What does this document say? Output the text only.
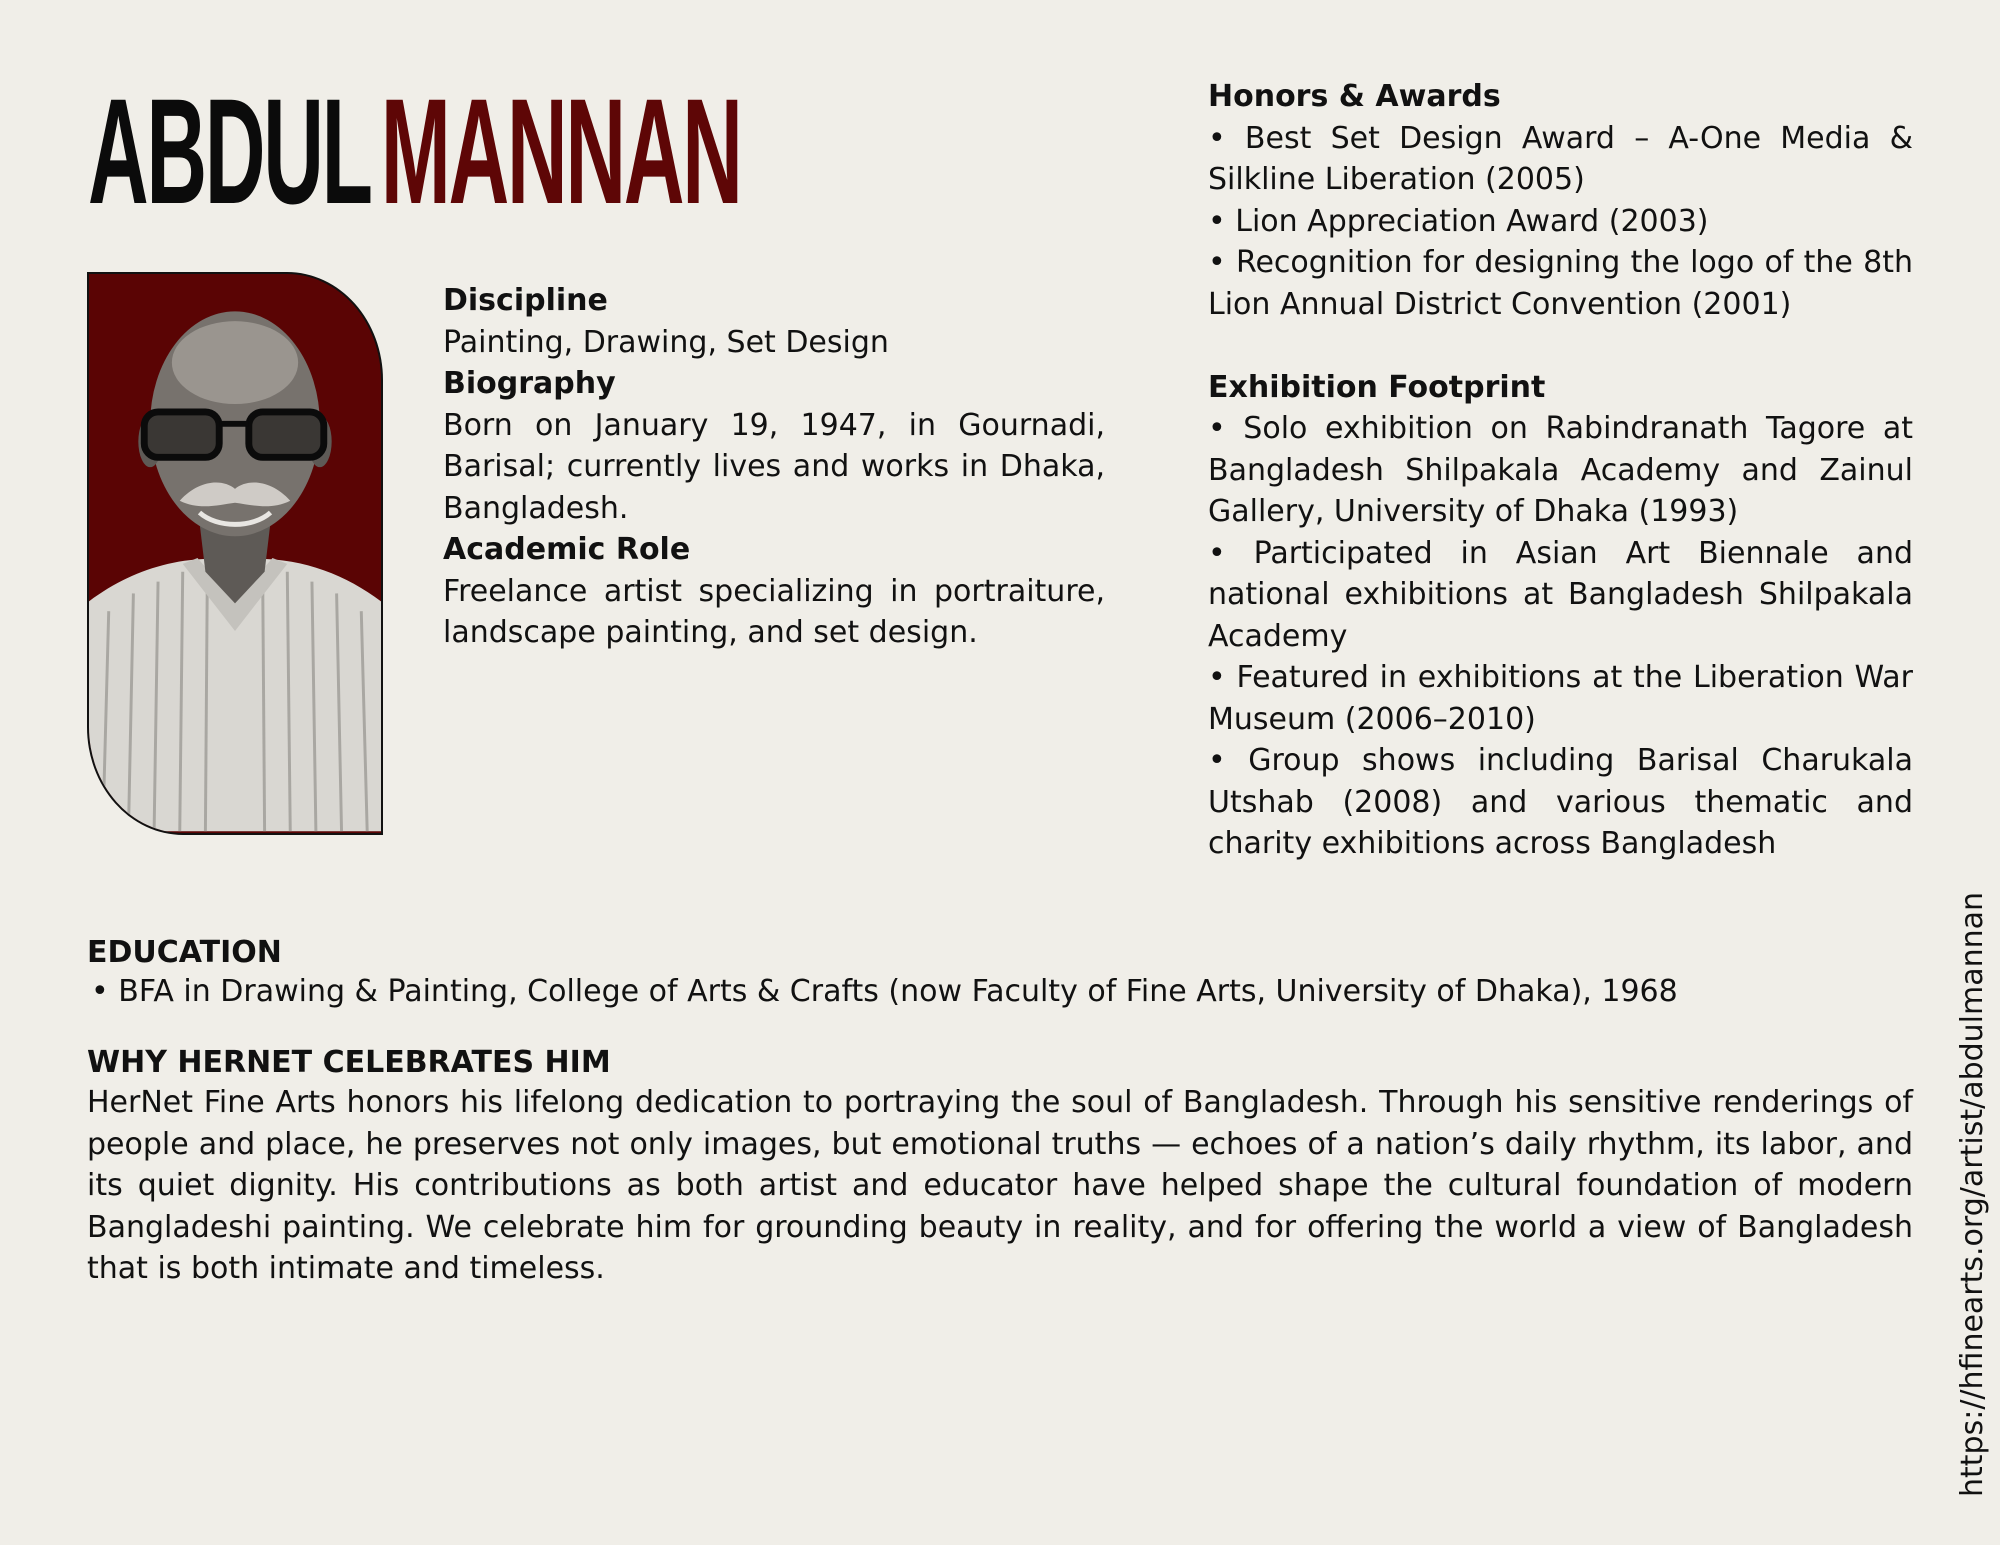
ABDULMANNAN
Discipline

Painting, Drawing, Set Design

Biography

Born on January 19, 1947, in Gournadi, Barisal; currently lives and works in Dhaka, Bangladesh.

Academic Role

Freelance artist specializing in portraiture, landscape painting, and set design.

Honors & Awards
• Best Set Design Award – A-One Media & Silkline Liberation (2005)
• Lion Appreciation Award (2003)
• Recognition for designing the logo of the 8th Lion Annual District Convention (2001)
Exhibition Footprint
• Solo exhibition on Rabindranath Tagore at Bangladesh Shilpakala Academy and Zainul Gallery, University of Dhaka (1993)
• Participated in Asian Art Biennale and national exhibitions at Bangladesh Shilpakala Academy
• Featured in exhibitions at the Liberation War Museum (2006–2010)
• Group shows including Barisal Charukala Utshab (2008) and various thematic and charity exhibitions across Bangladesh
EDUCATION
• BFA in Drawing & Painting, College of Arts & Crafts (now Faculty of Fine Arts, University of Dhaka), 1968
WHY HERNET CELEBRATES HIM

HerNet Fine Arts honors his lifelong dedication to portraying the soul of Bangladesh. Through his sensitive renderings of people and place, he preserves not only images, but emotional truths — echoes of a nation’s daily rhythm, its labor, and its quiet dignity. His contributions as both artist and educator have helped shape the cultural foundation of modern Bangladeshi painting. We celebrate him for grounding beauty in reality, and for offering the world a view of Bangladesh that is both intimate and timeless.	https://hfinearts.org/artist/abdulmannan
